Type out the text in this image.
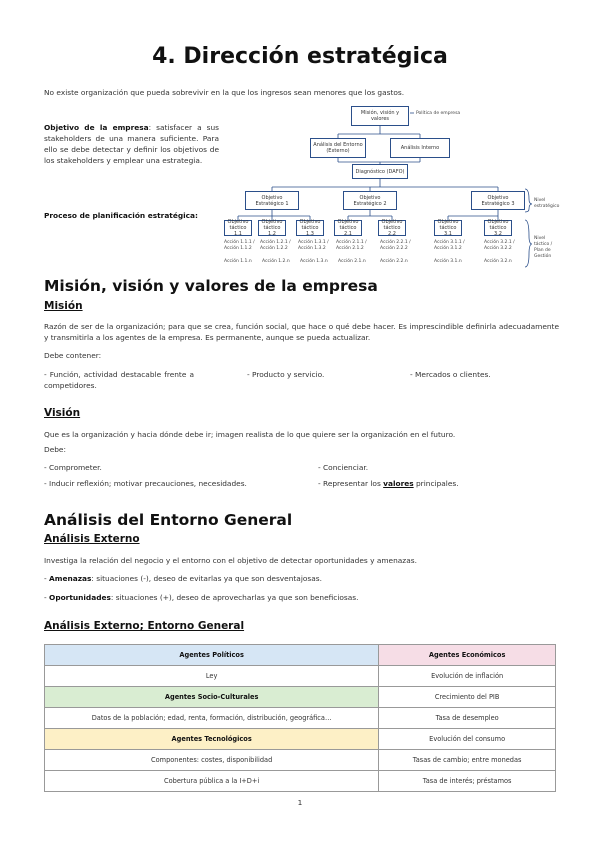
4. Dirección estratégica
No existe organización que pueda sobrevivir en la que los ingresos sean menores que los gastos.
Objetivo de la empresa: satisfacer a sus stakeholders de una manera suficiente. Para ello se debe detectar y definir los objetivos de los stakeholders y emplear una estrategia.
Proceso de planificación estratégica:
Misión, visión y valores
Política de empresa
Análisis del Entorno (Externo)	Análisis Interno
Diagnóstico (DAFO)
Objetivo Estratégico 1
Objetivo Estratégico 2
Objetivo Estratégico 3	Nivel estratégico
Objetivo táctico 1.1
Objetivo táctico 1.2
Objetivo táctico 1.3
Objetivo táctico 2.1
Objetivo táctico 2.2
Objetivo táctico 3.1
Objetivo táctico 3.2
Acción 1.1.1 / Acción 1.1.2
Acción 1.2.1 / Acción 1.2.2
Acción 1.3.1 / Acción 1.3.2
Acción 2.1.1 / Acción 2.1.2
Acción 2.2.1 / Acción 2.2.2
Acción 3.1.1 / Acción 3.1.2
Acción 3.2.1 / Acción 3.2.2
Acción 1.1.n Acción 1.2.n Acción 1.3.n Acción 2.1.n	Acción 2.2.n	Acción 3.1.n	Acción 3.2.n
Nivel táctico / Plan de Gestión
Misión, visión y valores de la empresa
Misión
Razón de ser de la organización; para que se crea, función social, que hace o qué debe hacer. Es imprescindible definirla adecuadamente y transmitirla a los agentes de la empresa. Es permanente, aunque se pueda actualizar.
Debe contener:
- Función, actividad destacable frente a competidores.
- Producto y servicio.	- Mercados o clientes.
Visión
Que es la organización y hacia dónde debe ir; imagen realista de lo que quiere ser la organización en el futuro.
Debe:
- Comprometer.	- Concienciar.
- Inducir reflexión; motivar precauciones, necesidades.	- Representar los valores principales.
Análisis del Entorno General
Análisis Externo
Investiga la relación del negocio y el entorno con el objetivo de detectar oportunidades y amenazas.
- Amenazas: situaciones (-), deseo de evitarlas ya que son desventajosas.
- Oportunidades: situaciones (+), deseo de aprovecharlas ya que son beneficiosas.
Análisis Externo; Entorno General
Agentes Políticos	Agentes Económicos
Ley	Evolución de inflación
Agentes Socio-Culturales	Crecimiento del PIB
Datos de la población; edad, renta, formación, distribución, geográfica…	Tasa de desempleo
Agentes Tecnológicos	Evolución del consumo
Componentes: costes, disponibilidad	Tasas de cambio; entre monedas
Cobertura pública a la I+D+i	Tasa de interés; préstamos
1
